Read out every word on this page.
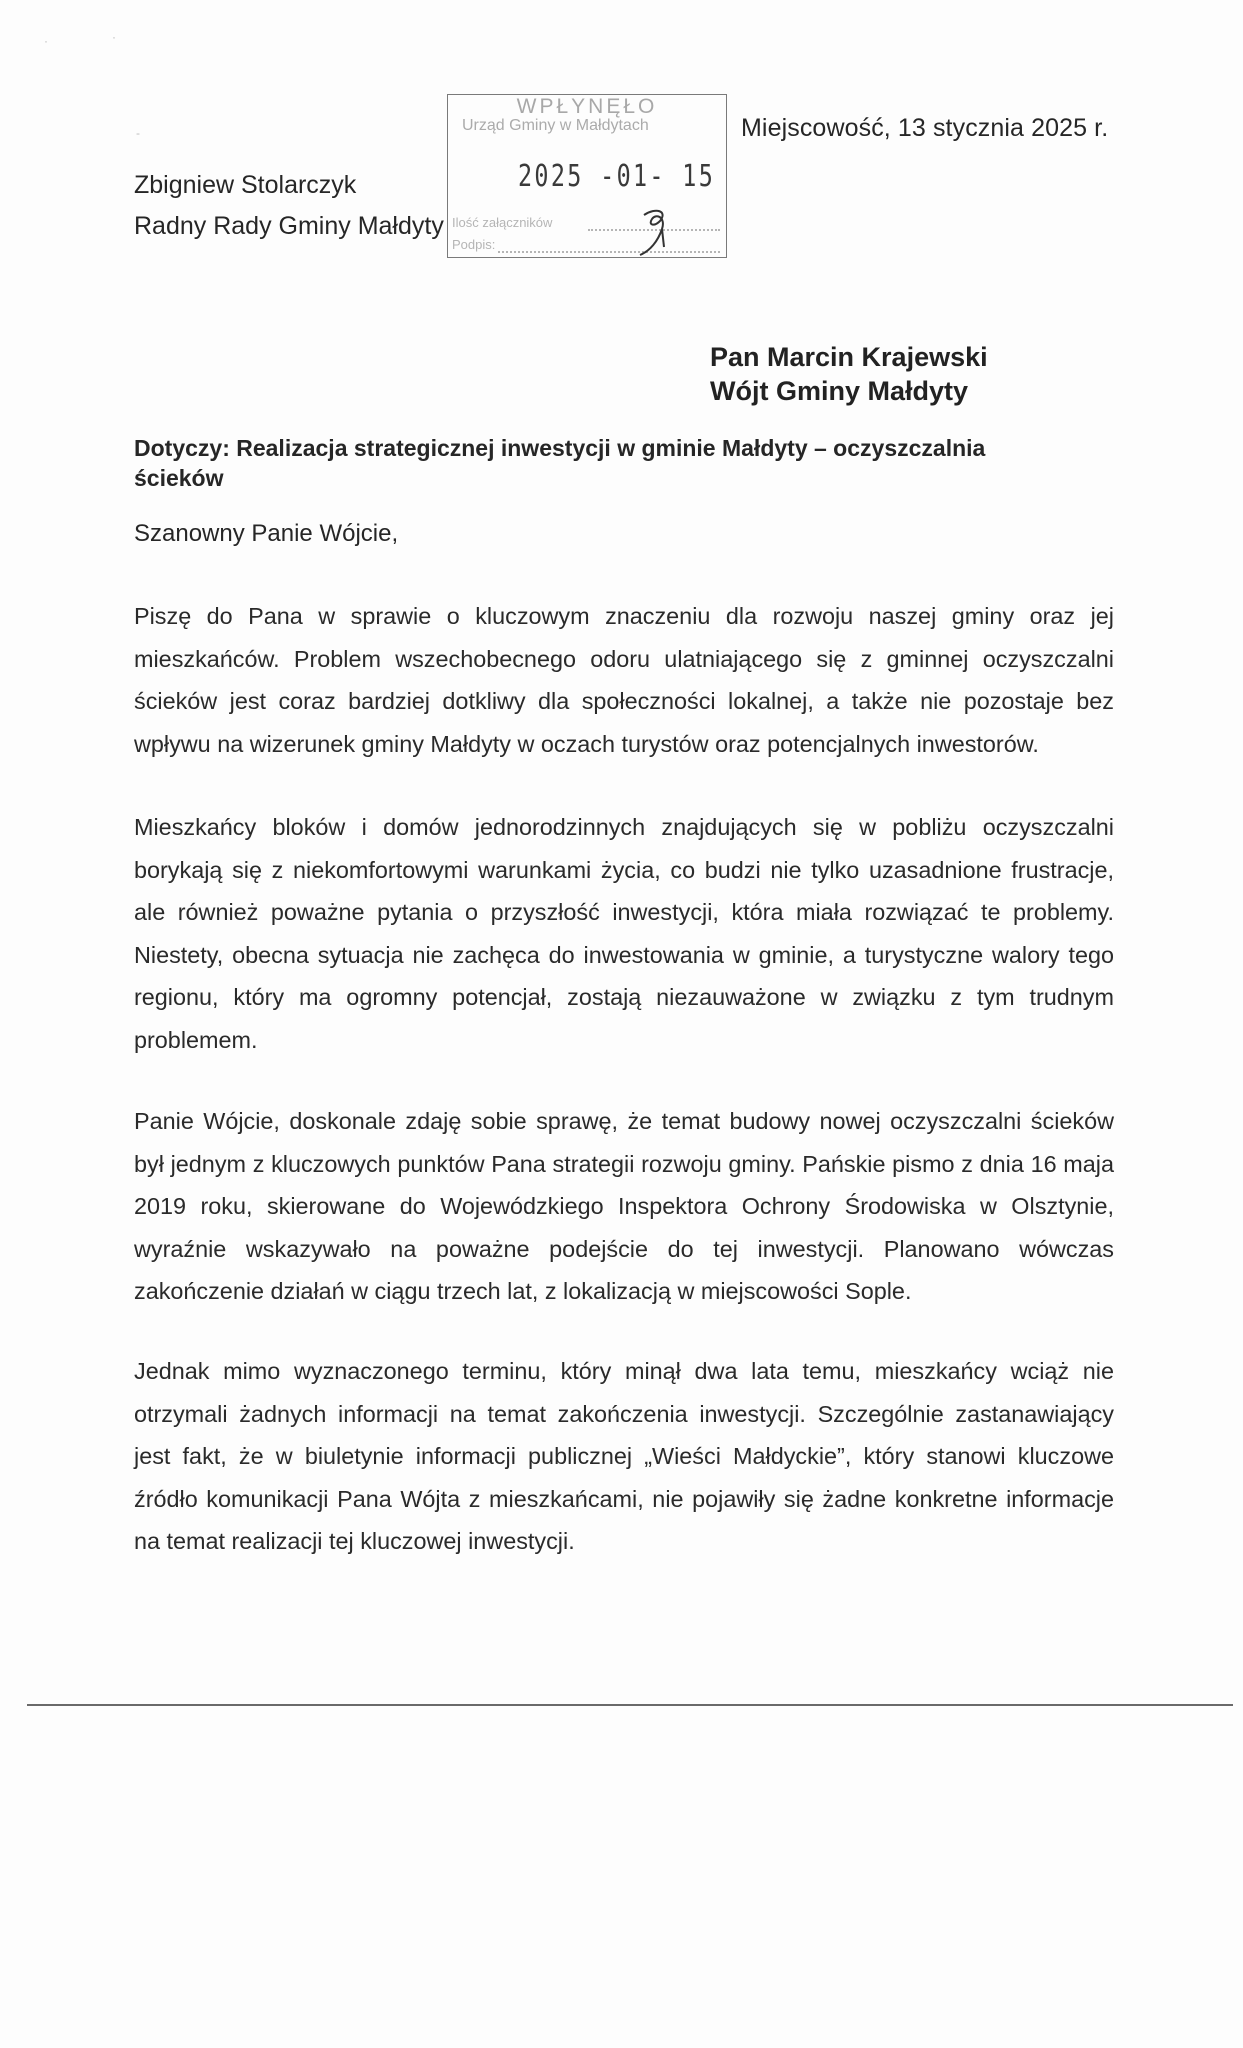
·	·
-	Miejscowość, 13 stycznia 2025 r.
Zbigniew Stolarczyk
Radny Rady Gminy Małdyty
WPŁYNĘŁO
Urząd Gminy w Małdytach
2025 -01- 15
Ilość załączników
Podpis:
Pan Marcin Krajewski
Wójt Gminy Małdyty
Dotyczy: Realizacja strategicznej inwestycji w gminie Małdyty – oczyszczalnia ścieków
Szanowny Panie Wójcie,
Piszę do Pana w sprawie o kluczowym znaczeniu dla rozwoju naszej gminy oraz jej mieszkańców. Problem wszechobecnego odoru ulatniającego się z gminnej oczyszczalni ścieków jest coraz bardziej dotkliwy dla społeczności lokalnej, a także nie pozostaje bez wpływu na wizerunek gminy Małdyty w oczach turystów oraz potencjalnych inwestorów.
Mieszkańcy bloków i domów jednorodzinnych znajdujących się w pobliżu oczyszczalni borykają się z niekomfortowymi warunkami życia, co budzi nie tylko uzasadnione frustracje, ale również poważne pytania o przyszłość inwestycji, która miała rozwiązać te problemy. Niestety, obecna sytuacja nie zachęca do inwestowania w gminie, a turystyczne walory tego regionu, który ma ogromny potencjał, zostają niezauważone w związku z tym trudnym problemem.
Panie Wójcie, doskonale zdaję sobie sprawę, że temat budowy nowej oczyszczalni ścieków był jednym z kluczowych punktów Pana strategii rozwoju gminy. Pańskie pismo z dnia 16 maja 2019 roku, skierowane do Wojewódzkiego Inspektora Ochrony Środowiska w Olsztynie, wyraźnie wskazywało na poważne podejście do tej inwestycji. Planowano wówczas zakończenie działań w ciągu trzech lat, z lokalizacją w miejscowości Sople.
Jednak mimo wyznaczonego terminu, który minął dwa lata temu, mieszkańcy wciąż nie otrzymali żadnych informacji na temat zakończenia inwestycji. Szczególnie zastanawiający jest fakt, że w biuletynie informacji publicznej „Wieści Małdyckie”, który stanowi kluczowe źródło komunikacji Pana Wójta z mieszkańcami, nie pojawiły się żadne konkretne informacje na temat realizacji tej kluczowej inwestycji.
